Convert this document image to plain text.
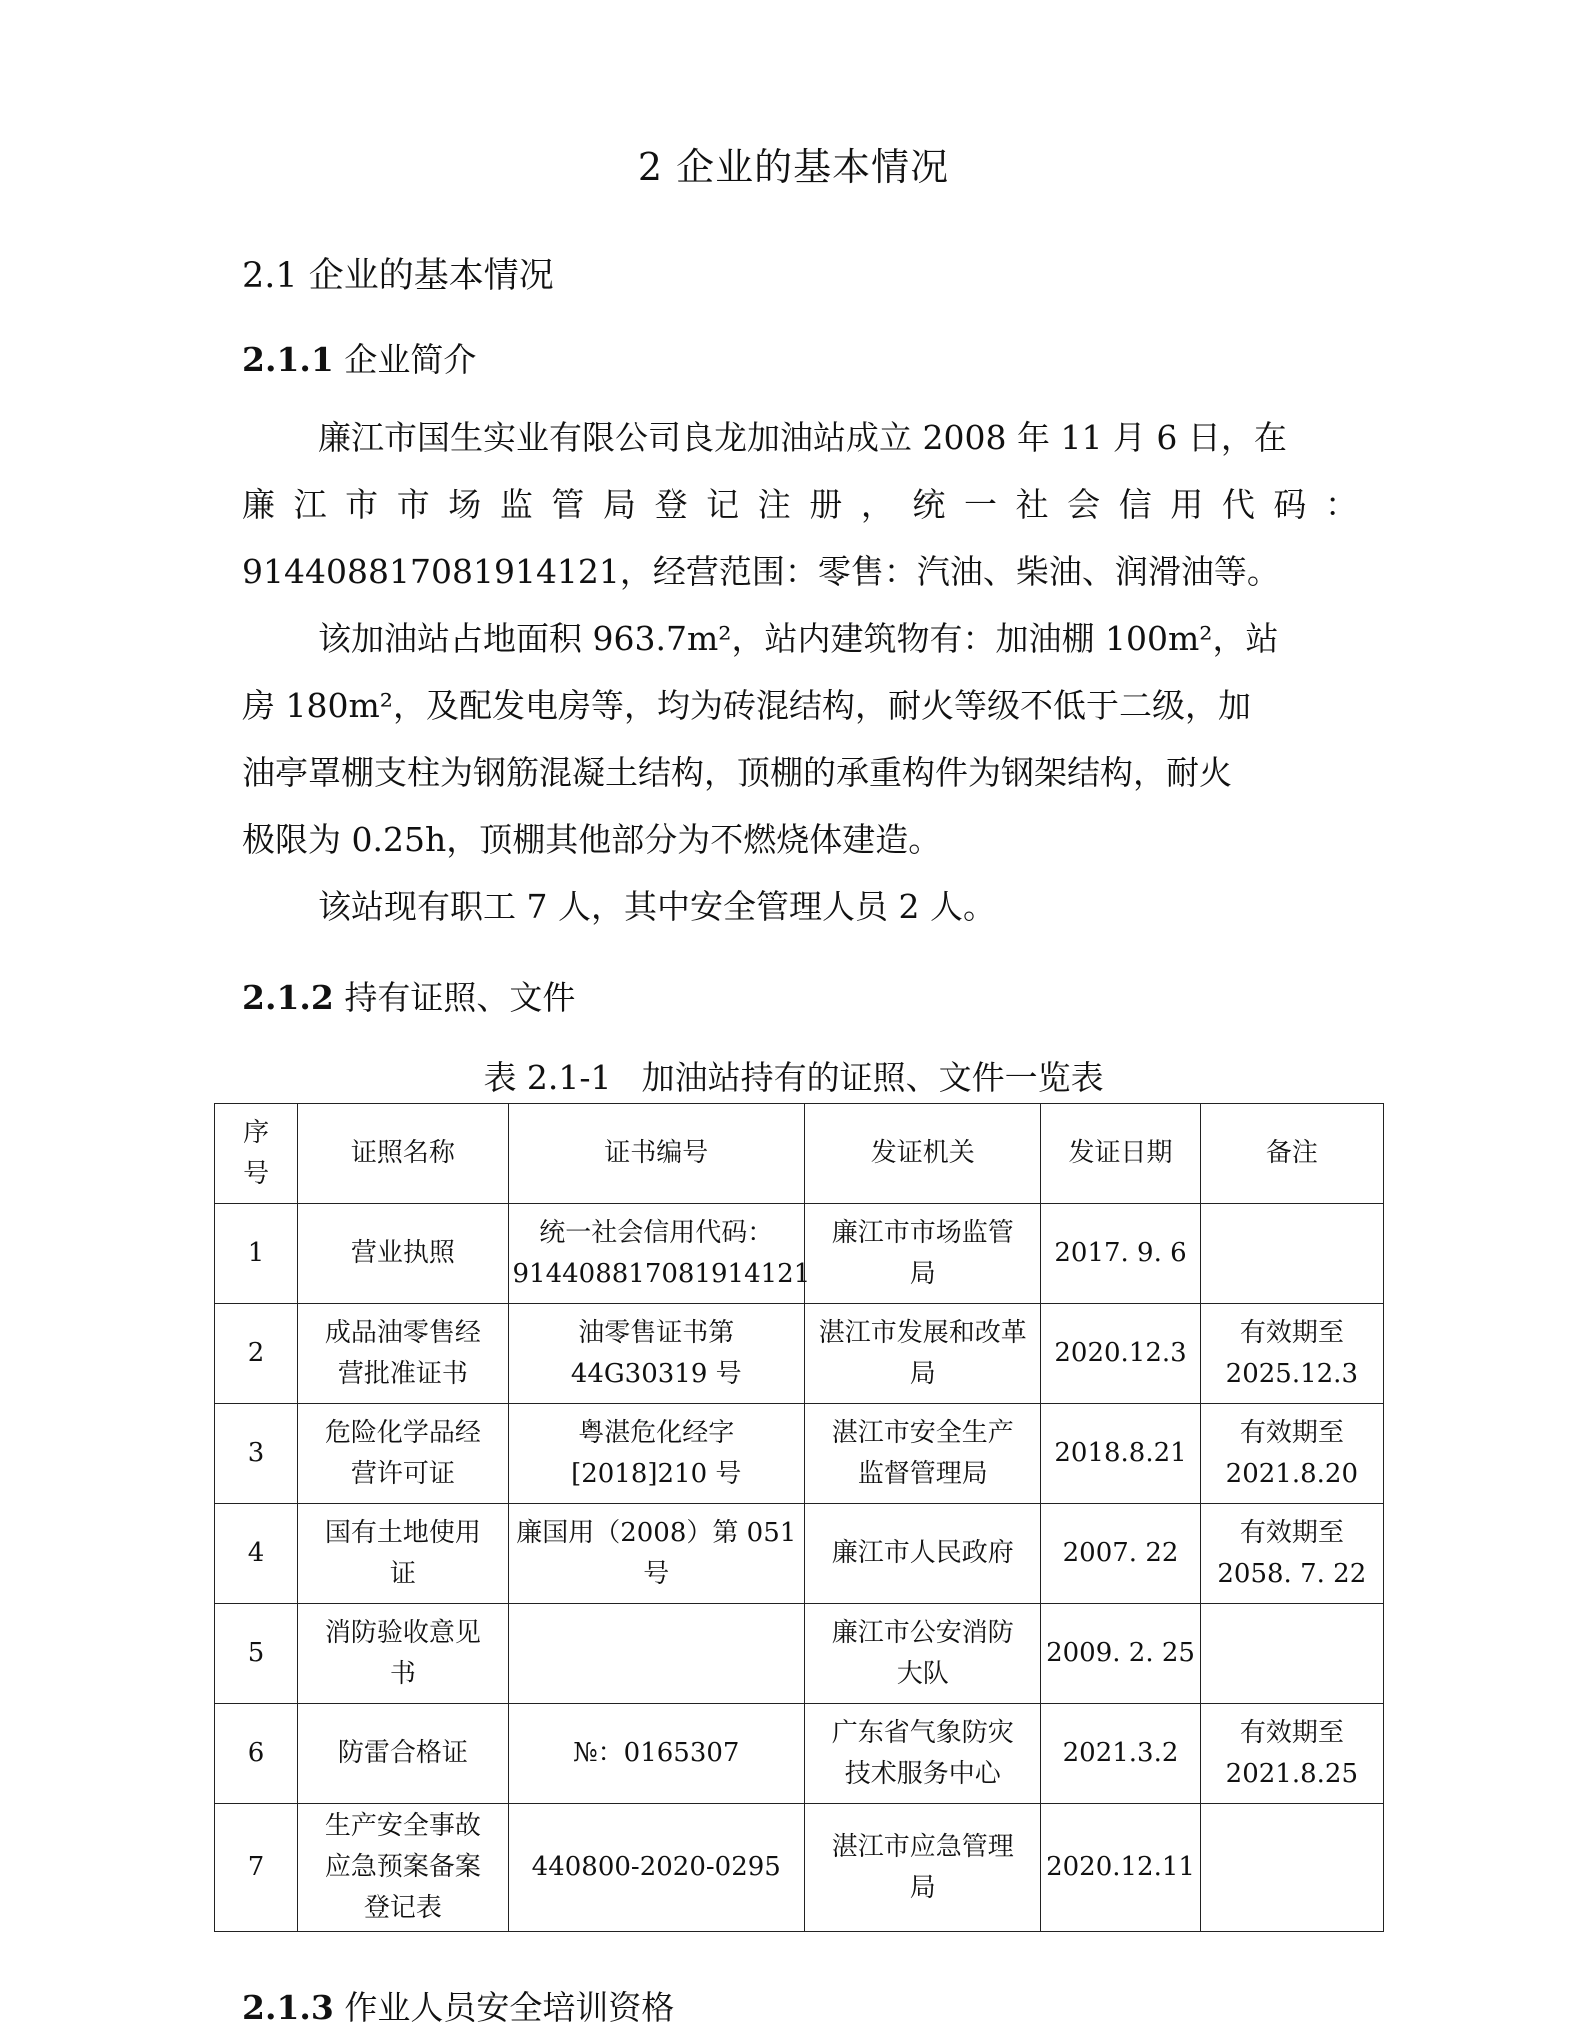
2 企业的基本情况
2.1 企业的基本情况
2.1.1 企业简介
廉江市国生实业有限公司良龙加油站成立 2008 年 11 月 6 日，在
廉江市市场监管局登记注册，统一社会信用代码：
914408817081914121，经营范围：零售：汽油、柴油、润滑油等。
该加油站占地面积 963.7m²，站内建筑物有：加油棚 100m²，站
房 180m²，及配发电房等，均为砖混结构，耐火等级不低于二级，加
油亭罩棚支柱为钢筋混凝土结构，顶棚的承重构件为钢架结构，耐火
极限为 0.25h，顶棚其他部分为不燃烧体建造。
该站现有职工 7 人，其中安全管理人员 2 人。
2.1.2 持有证照、文件
表 2.1-1 加油站持有的证照、文件一览表
序
号	证照名称	证书编号	发证机关	发证日期	备注
1	营业执照	统一社会信用代码：
914408817081914121	廉江市市场监管
局	2017. 9. 6	
2	成品油零售经
营批准证书	油零售证书第
44G30319 号	湛江市发展和改革
局	2020.12.3	有效期至
2025.12.3
3	危险化学品经
营许可证	粤湛危化经字
[2018]210 号	湛江市安全生产
监督管理局	2018.8.21	有效期至
2021.8.20
4	国有土地使用
证	廉国用（2008）第 051
号	廉江市人民政府	2007. 22	有效期至
2058. 7. 22
5	消防验收意见
书		廉江市公安消防
大队	2009. 2. 25	
6	防雷合格证	№：0165307	广东省气象防灾
技术服务中心	2021.3.2	有效期至
2021.8.25
7	生产安全事故
应急预案备案
登记表	440800-2020-0295	湛江市应急管理
局	2020.12.11	
2.1.3 作业人员安全培训资格
